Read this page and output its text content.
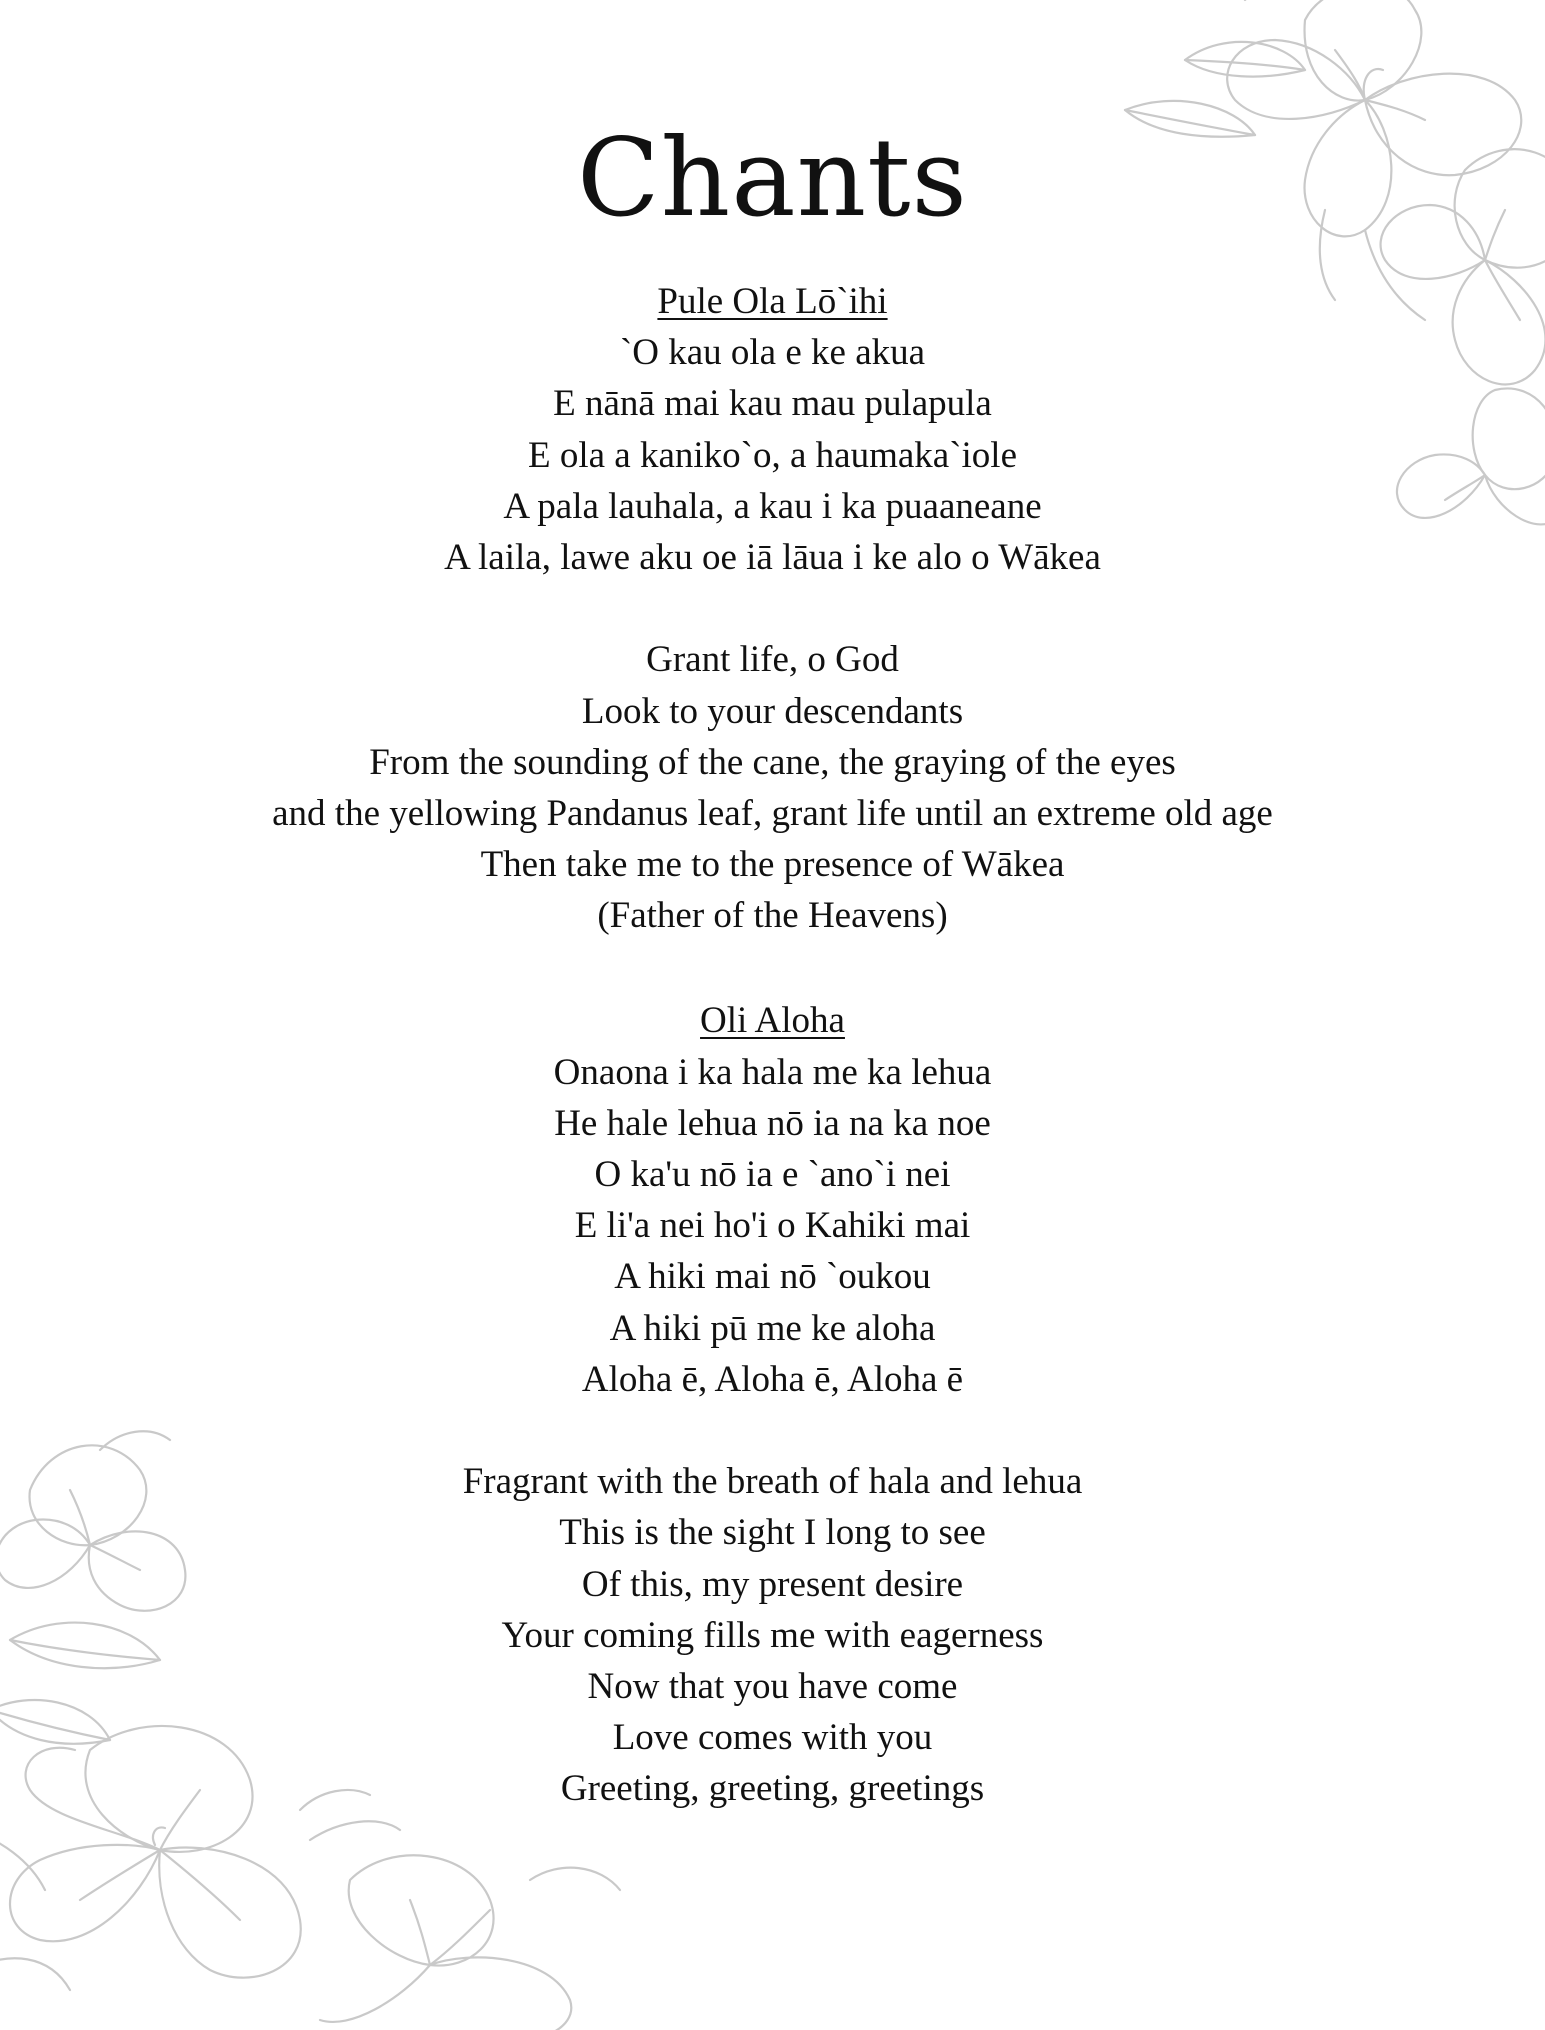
Chants
Pule Ola Lō`ihi
`O kau ola e ke akua
E nānā mai kau mau pulapula
E ola a kaniko`o, a haumaka`iole
A pala lauhala, a kau i ka puaaneane
A laila, lawe aku oe iā lāua i ke alo o Wākea
Grant life, o God
Look to your descendants
From the sounding of the cane, the graying of the eyes
and the yellowing Pandanus leaf, grant life until an extreme old age
Then take me to the presence of Wākea
(Father of the Heavens)
Oli Aloha
Onaona i ka hala me ka lehua
He hale lehua nō ia na ka noe
O ka'u nō ia e `ano`i nei
E li'a nei ho'i o Kahiki mai
A hiki mai nō `oukou
A hiki pū me ke aloha
Aloha ē, Aloha ē, Aloha ē
Fragrant with the breath of hala and lehua
This is the sight I long to see
Of this, my present desire
Your coming fills me with eagerness
Now that you have come
Love comes with you
Greeting, greeting, greetings
